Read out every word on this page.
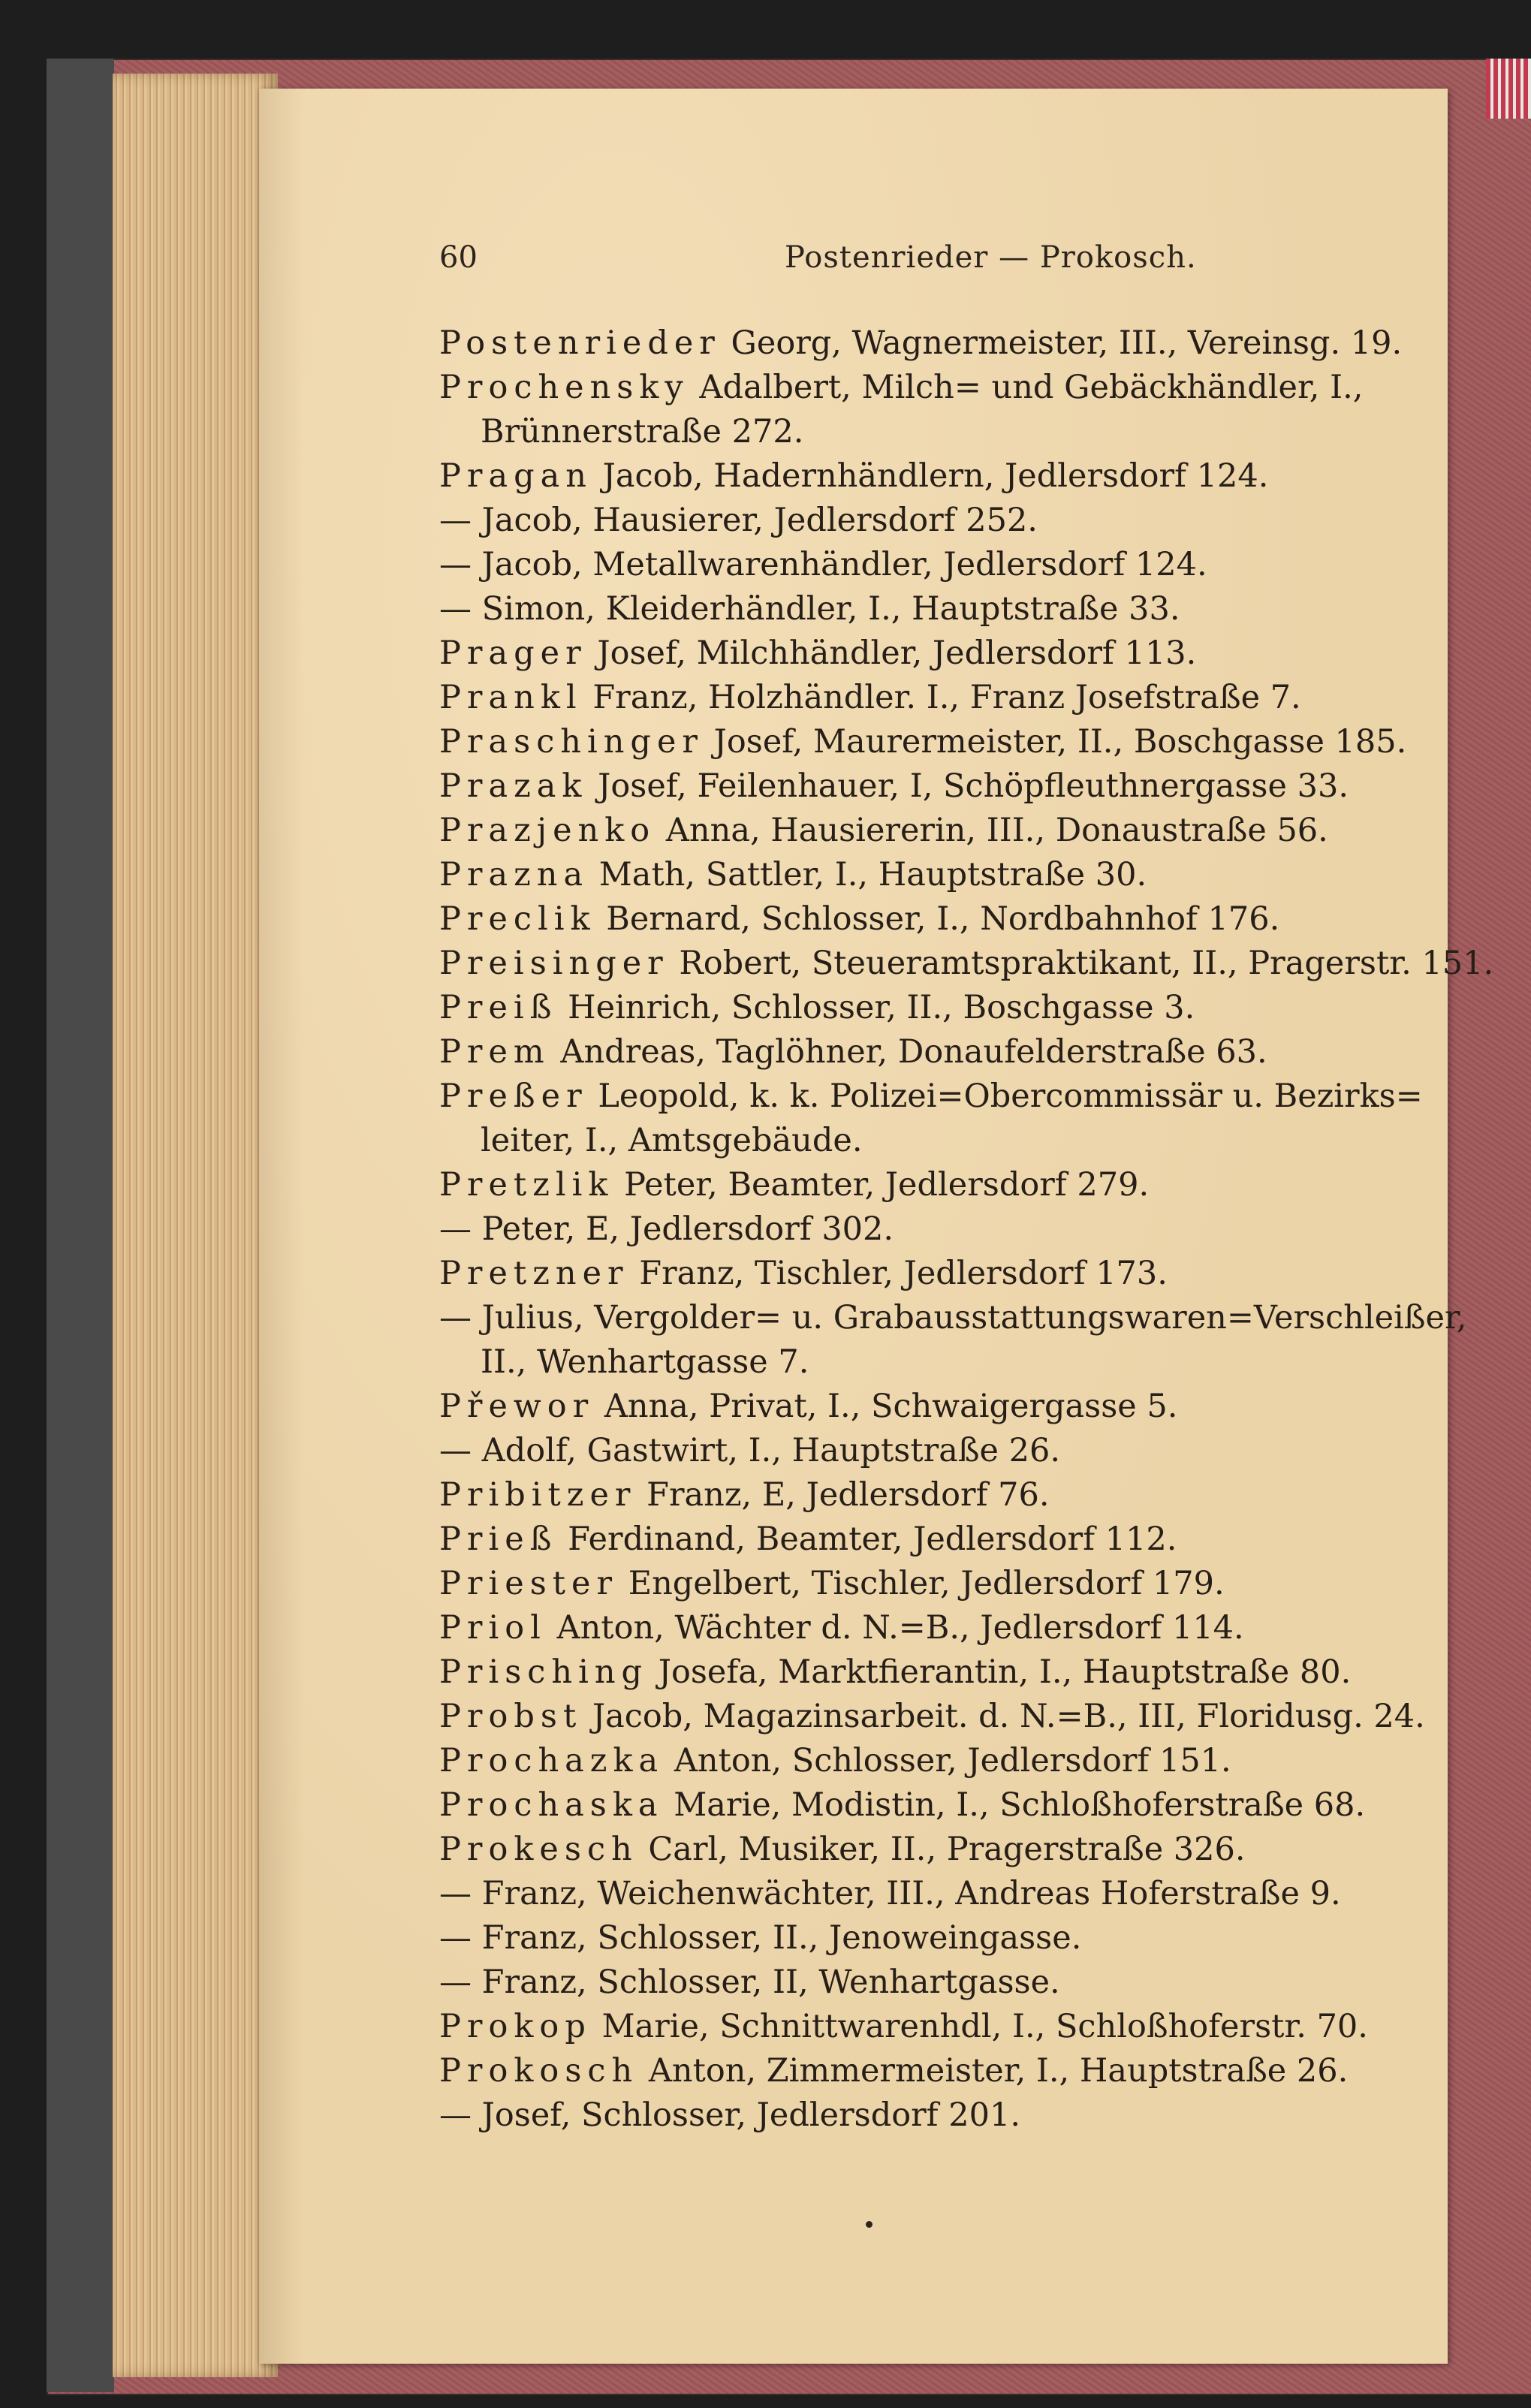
60	Postenrieder — Prokosch.
Postenrieder Georg, Wagnermeister, III., Vereinsg. 19.
Prochensky Adalbert, Milch= und Gebäckhändler, I.,
Brünnerstraße 272.
Pragan Jacob, Hadernhändlern, Jedlersdorf 124.
— Jacob, Hausierer, Jedlersdorf 252.
— Jacob, Metallwarenhändler, Jedlersdorf 124.
— Simon, Kleiderhändler, I., Hauptstraße 33.
Prager Josef, Milchhändler, Jedlersdorf 113.
Prankl Franz, Holzhändler. I., Franz Josefstraße 7.
Praschinger Josef, Maurermeister, II., Boschgasse 185.
Prazak Josef, Feilenhauer, I, Schöpfleuthnergasse 33.
Prazjenko Anna, Hausiererin, III., Donaustraße 56.
Prazna Math, Sattler, I., Hauptstraße 30.
Preclik Bernard, Schlosser, I., Nordbahnhof 176.
Preisinger Robert, Steueramtspraktikant, II., Pragerstr. 151.
Preiß Heinrich, Schlosser, II., Boschgasse 3.
Prem Andreas, Taglöhner, Donaufelderstraße 63.
Preßer Leopold, k. k. Polizei=Obercommissär u. Bezirks=
leiter, I., Amtsgebäude.
Pretzlik Peter, Beamter, Jedlersdorf 279.
— Peter, E, Jedlersdorf 302.
Pretzner Franz, Tischler, Jedlersdorf 173.
— Julius, Vergolder= u. Grabausstattungswaren=Verschleißer,
II., Wenhartgasse 7.
Přewor Anna, Privat, I., Schwaigergasse 5.
— Adolf, Gastwirt, I., Hauptstraße 26.
Pribitzer Franz, E, Jedlersdorf 76.
Prieß Ferdinand, Beamter, Jedlersdorf 112.
Priester Engelbert, Tischler, Jedlersdorf 179.
Priol Anton, Wächter d. N.=B., Jedlersdorf 114.
Prisching Josefa, Marktfierantin, I., Hauptstraße 80.
Probst Jacob, Magazinsarbeit. d. N.=B., III, Floridusg. 24.
Prochazka Anton, Schlosser, Jedlersdorf 151.
Prochaska Marie, Modistin, I., Schloßhoferstraße 68.
Prokesch Carl, Musiker, II., Pragerstraße 326.
— Franz, Weichenwächter, III., Andreas Hoferstraße 9.
— Franz, Schlosser, II., Jenoweingasse.
— Franz, Schlosser, II, Wenhartgasse.
Prokop Marie, Schnittwarenhdl, I., Schloßhoferstr. 70.
Prokosch Anton, Zimmermeister, I., Hauptstraße 26.
— Josef, Schlosser, Jedlersdorf 201.
